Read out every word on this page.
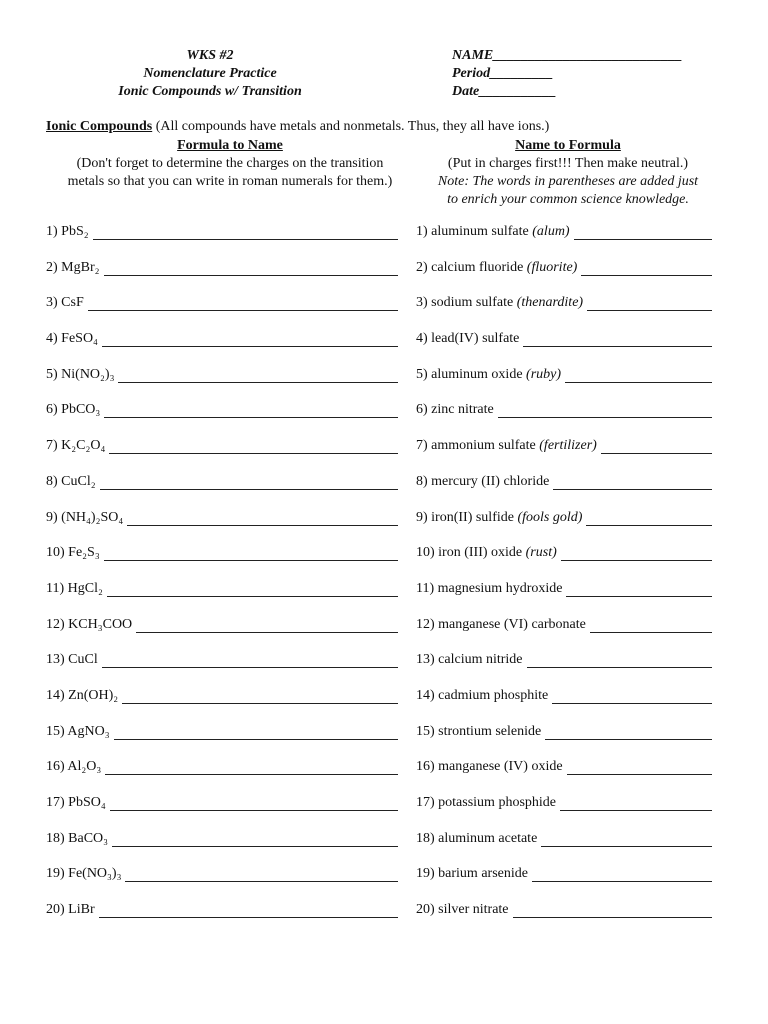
WKS #2
Nomenclature Practice
Ionic Compounds w/ Transition
NAME___________________________
Period_________
Date___________
Ionic Compounds (All compounds have metals and nonmetals. Thus, they all have ions.)
Formula to Name
(Don't forget to determine the charges on the transition
metals so that you can write in roman numerals for them.)
Name to Formula
(Put in charges first!!! Then make neutral.)
Note: The words in parentheses are added just
to enrich your common science knowledge.
1) PbS₂
2) MgBr₂
3) CsF
4) FeSO₄
5) Ni(NO₂)₃
6) PbCO₃
7) K₂C₂O₄
8) CuCl₂
9) (NH₄)₂SO₄
10) Fe₂S₃
11) HgCl₂
12) KCH₃COO
13) CuCl
14) Zn(OH)₂
15) AgNO₃
16) Al₂O₃
17) PbSO₄
18) BaCO₃
19) Fe(NO₃)₃
20) LiBr
1) aluminum sulfate (alum)
2) calcium fluoride (fluorite)
3) sodium sulfate (thenardite)
4) lead(IV) sulfate
5) aluminum oxide (ruby)
6) zinc nitrate
7) ammonium sulfate (fertilizer)
8) mercury (II) chloride
9) iron(II) sulfide (fools gold)
10) iron (III) oxide (rust)
11) magnesium hydroxide
12) manganese (VI) carbonate
13) calcium nitride
14) cadmium phosphite
15) strontium selenide
16) manganese (IV) oxide
17) potassium phosphide
18) aluminum acetate
19) barium arsenide
20) silver nitrate
